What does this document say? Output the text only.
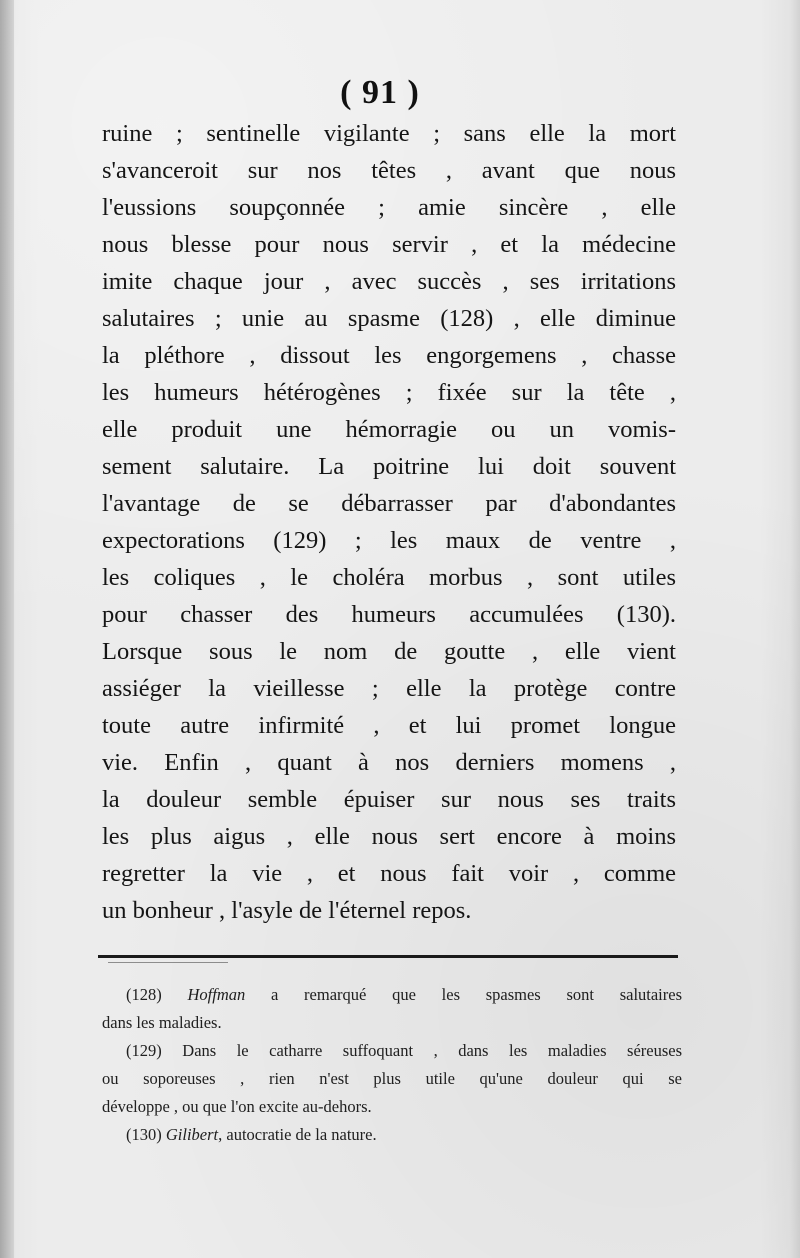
( 91 )
ruine ; sentinelle vigilante ; sans elle la mort
s'avanceroit sur nos têtes , avant que nous
l'eussions soupçonnée ; amie sincère , elle
nous blesse pour nous servir , et la médecine
imite chaque jour , avec succès , ses irritations
salutaires ; unie au spasme (128) , elle diminue
la pléthore , dissout les engorgemens , chasse
les humeurs hétérogènes ; fixée sur la tête ,
elle produit une hémorragie ou un vomis-
sement salutaire. La poitrine lui doit souvent
l'avantage de se débarrasser par d'abondantes
expectorations (129) ; les maux de ventre ,
les coliques , le choléra morbus , sont utiles
pour chasser des humeurs accumulées (130).
Lorsque sous le nom de goutte , elle vient
assiéger la vieillesse ; elle la protège contre
toute autre infirmité , et lui promet longue
vie. Enfin , quant à nos derniers momens ,
la douleur semble épuiser sur nous ses traits
les plus aigus , elle nous sert encore à moins
regretter la vie , et nous fait voir , comme
un bonheur , l'asyle de l'éternel repos.
(128) Hoffman a remarqué que les spasmes sont salutaires
dans les maladies.
(129) Dans le catharre suffoquant , dans les maladies séreuses
ou soporeuses , rien n'est plus utile qu'une douleur qui se
développe , ou que l'on excite au-dehors.
(130) Gilibert, autocratie de la nature.
